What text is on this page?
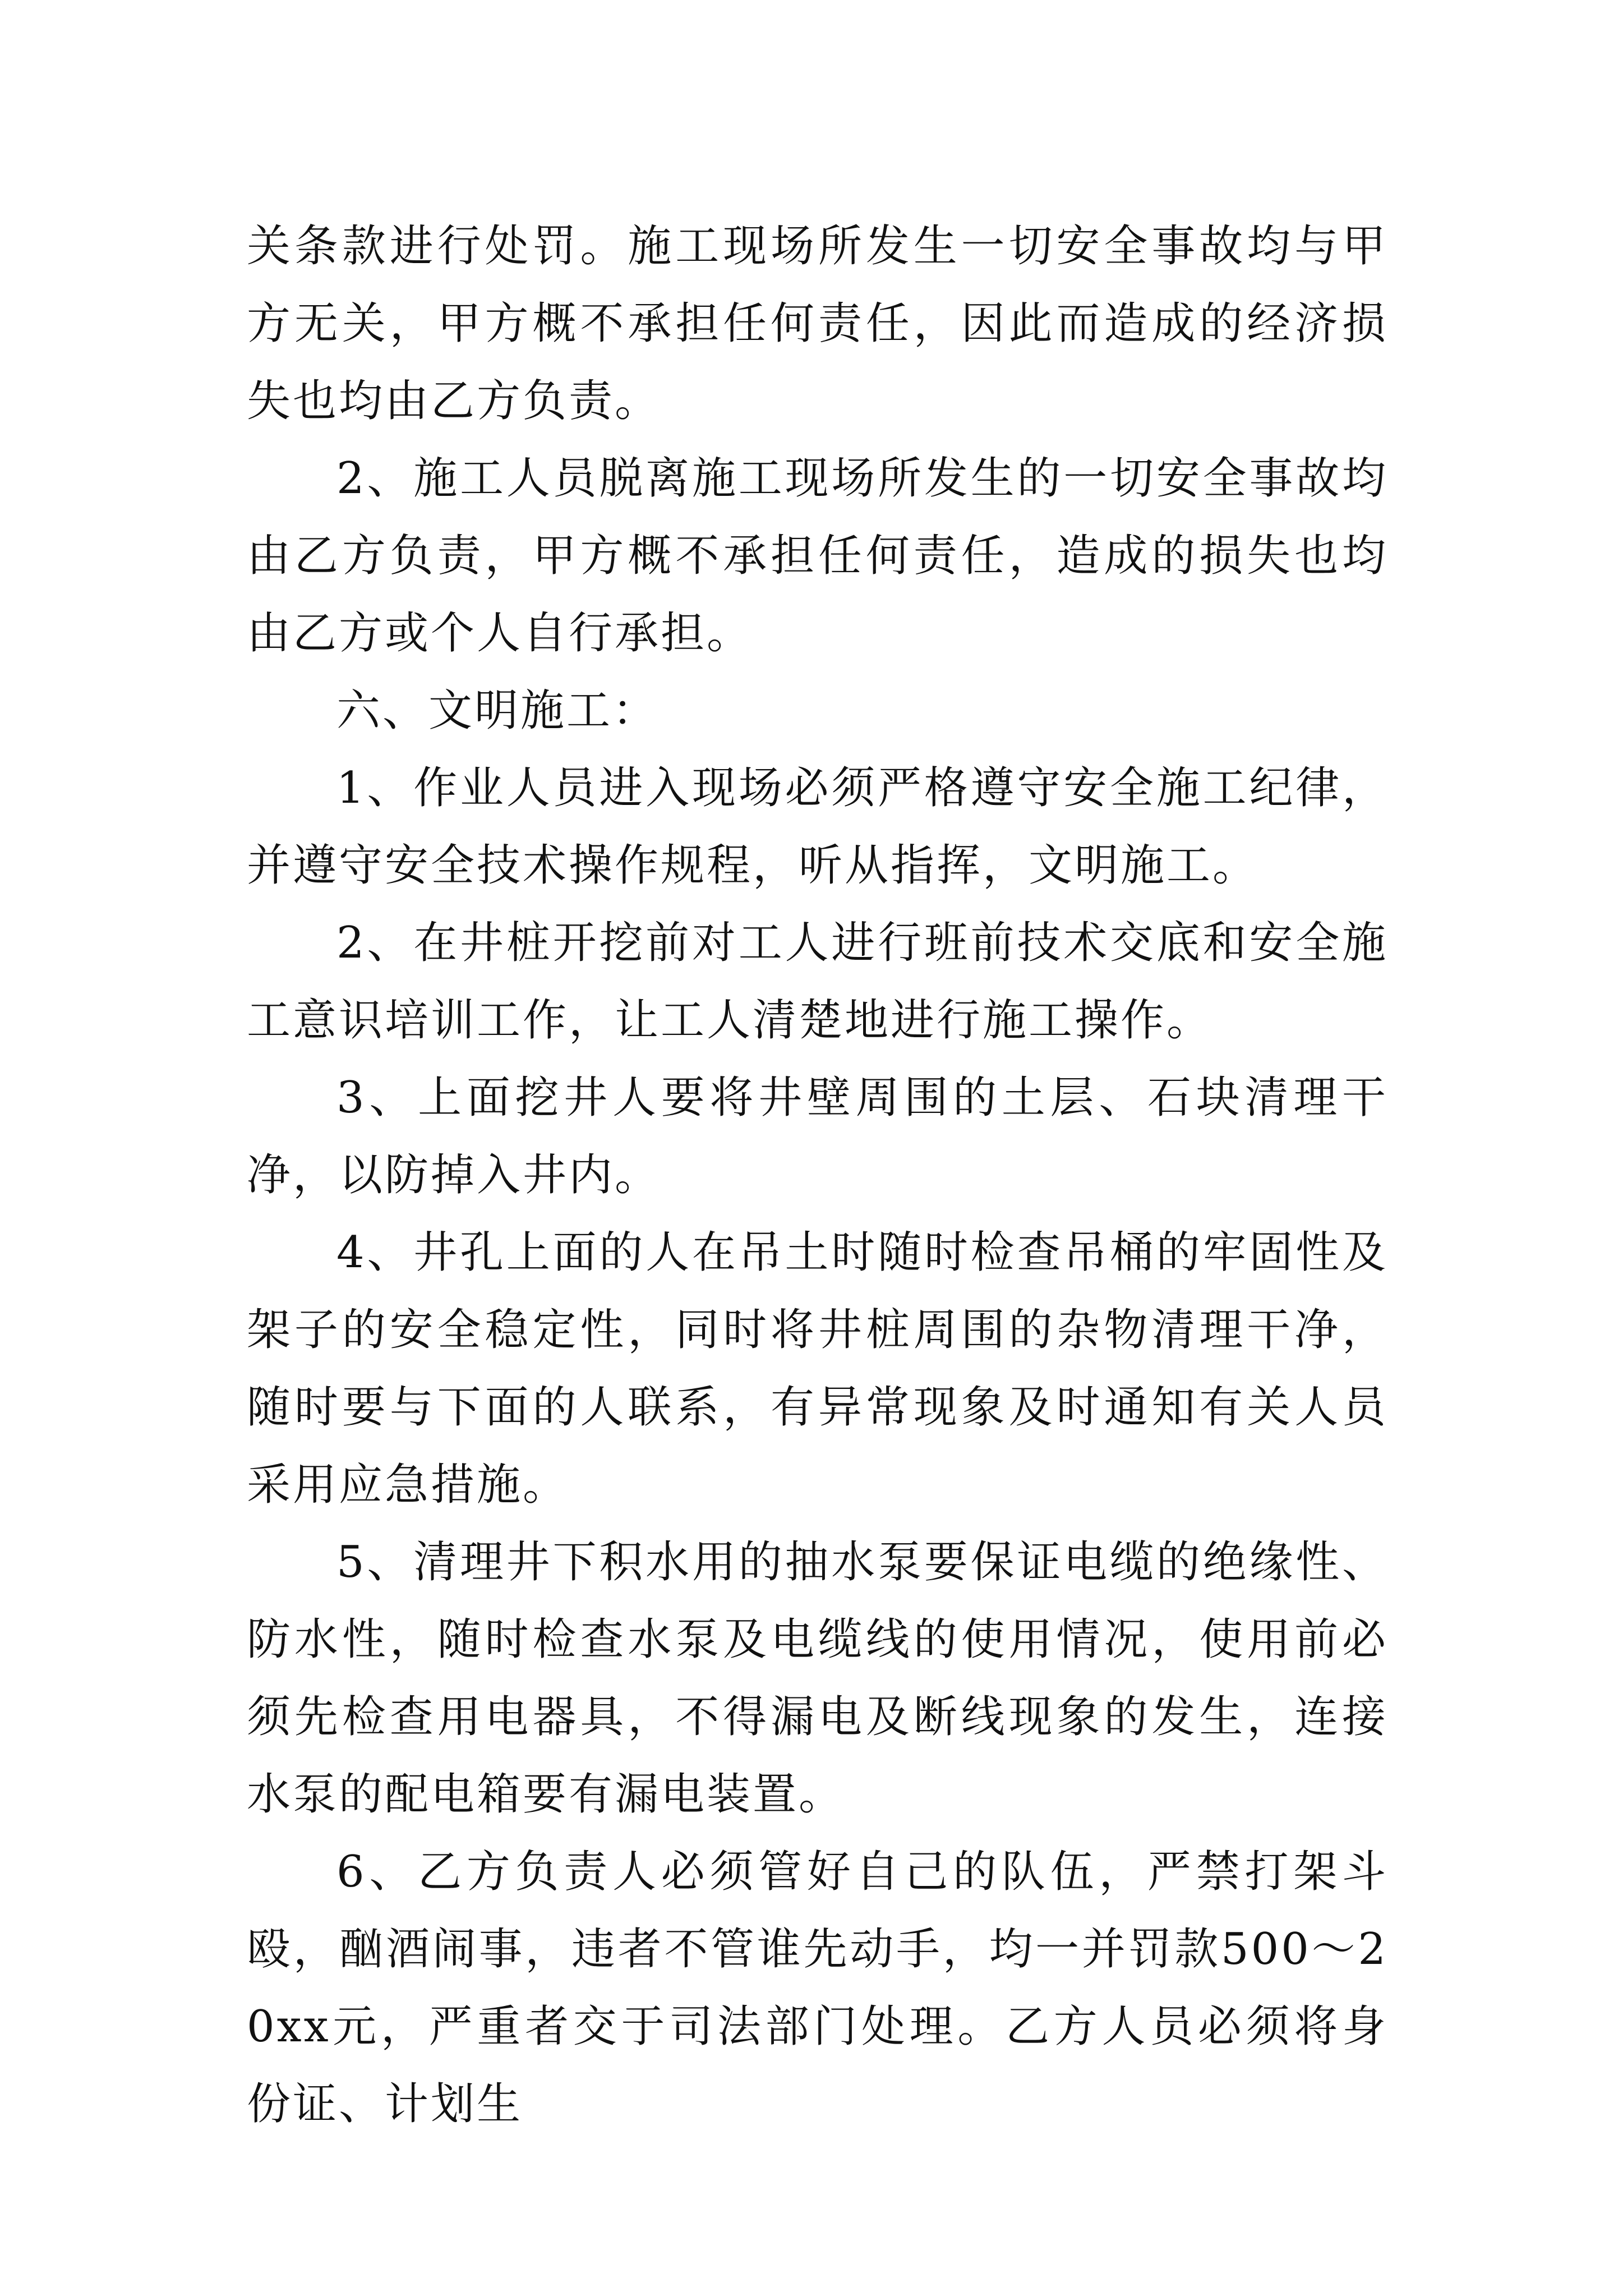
关条款进行处罚。施工现场所发生一切安全事故均与甲方无关，甲方概不承担任何责任，因此而造成的经济损失也均由乙方负责。

2、施工人员脱离施工现场所发生的一切安全事故均由乙方负责，甲方概不承担任何责任，造成的损失也均由乙方或个人自行承担。

六、文明施工：

1、作业人员进入现场必须严格遵守安全施工纪律，并遵守安全技术操作规程，听从指挥，文明施工。

2、在井桩开挖前对工人进行班前技术交底和安全施工意识培训工作，让工人清楚地进行施工操作。

3、上面挖井人要将井壁周围的土层、石块清理干净，以防掉入井内。

4、井孔上面的人在吊土时随时检查吊桶的牢固性及架子的安全稳定性，同时将井桩周围的杂物清理干净，随时要与下面的人联系，有异常现象及时通知有关人员采用应急措施。

5、清理井下积水用的抽水泵要保证电缆的绝缘性、防水性，随时检查水泵及电缆线的使用情况，使用前必须先检查用电器具，不得漏电及断线现象的发生，连接水泵的配电箱要有漏电装置。

6、乙方负责人必须管好自己的队伍，严禁打架斗殴，酗酒闹事，违者不管谁先动手，均一并罚款500～20xx元，严重者交于司法部门处理。乙方人员必须将身份证、计划生
